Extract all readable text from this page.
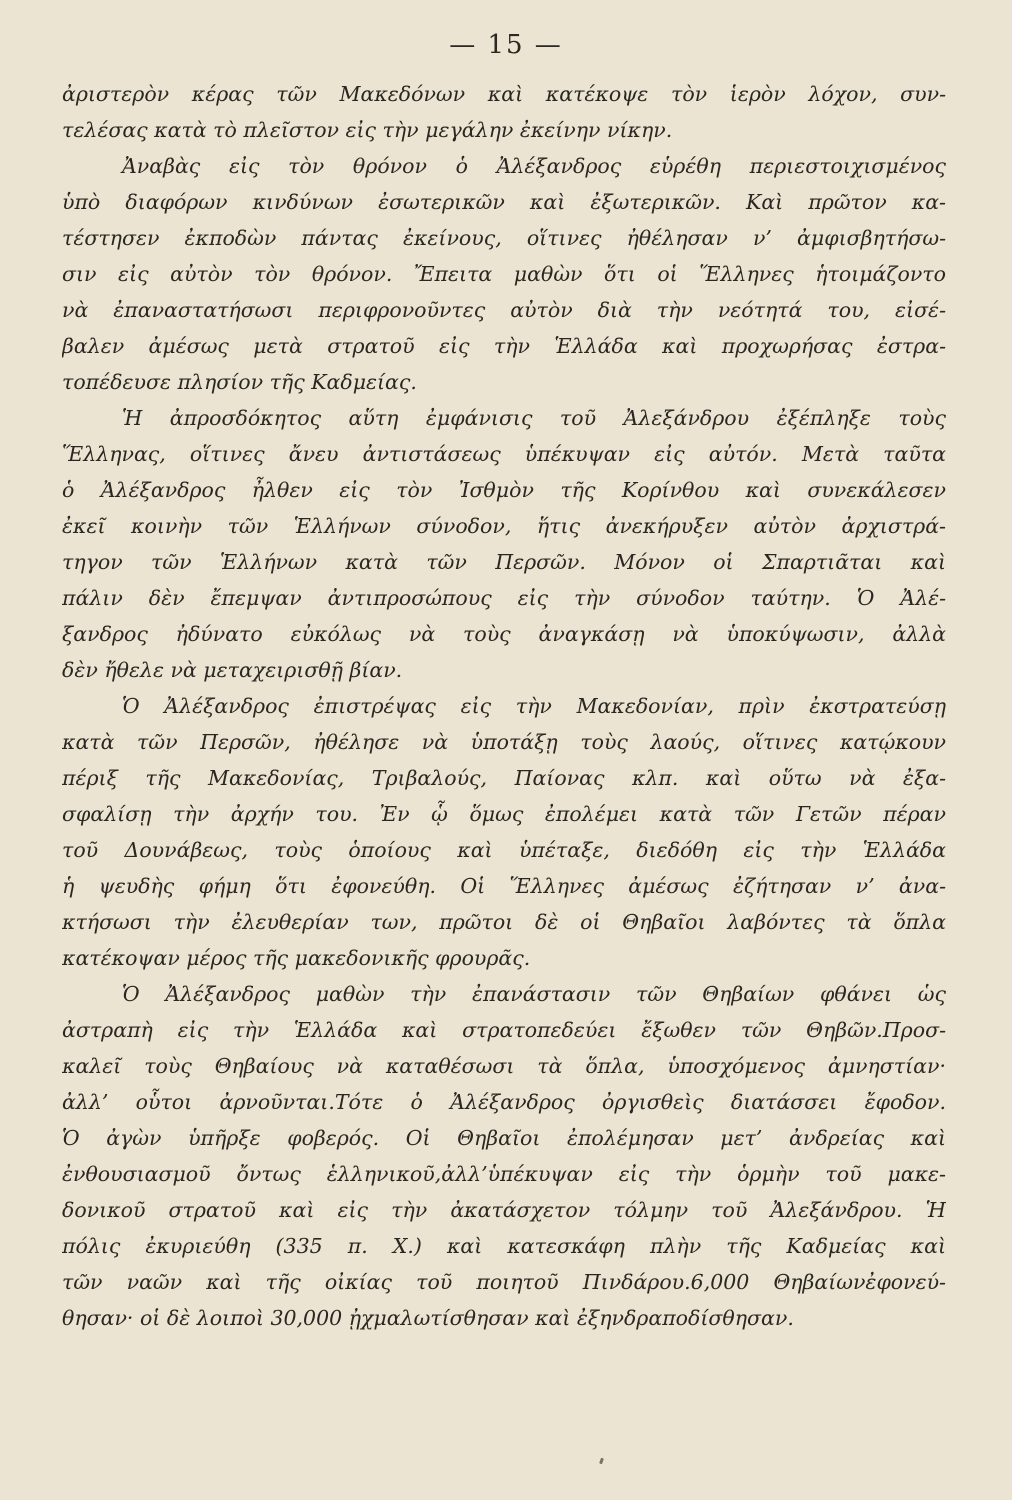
— 15 —
ἀριστερὸν κέρας τῶν Μακεδόνων καὶ κατέκοψε τὸν ἱερὸν λόχον, συν-
τελέσας κατὰ τὸ πλεῖστον εἰς τὴν μεγάλην ἐκείνην νίκην.
Ἀναβὰς εἰς τὸν θρόνον ὁ Ἀλέξανδρος εὑρέθη περιεστοιχισμένος
ὑπὸ διαφόρων κινδύνων ἐσωτερικῶν καὶ ἐξωτερικῶν. Καὶ πρῶτον κα-
τέστησεν ἐκποδὼν πάντας ἐκείνους, οἵτινες ἠθέλησαν ν’ ἀμφισβητήσω-
σιν εἰς αὐτὸν τὸν θρόνον. Ἔπειτα μαθὼν ὅτι οἱ Ἕλληνες ἡτοιμάζοντο
νὰ ἐπαναστατήσωσι περιφρονοῦντες αὐτὸν διὰ τὴν νεότητά του, εἰσέ-
βαλεν ἀμέσως μετὰ στρατοῦ εἰς τὴν Ἑλλάδα καὶ προχωρήσας ἐστρα-
τοπέδευσε πλησίον τῆς Καδμείας.
Ἡ ἀπροσδόκητος αὕτη ἐμφάνισις τοῦ Ἀλεξάνδρου ἐξέπληξε τοὺς
Ἕλληνας, οἵτινες ἄνευ ἀντιστάσεως ὑπέκυψαν εἰς αὐτόν. Μετὰ ταῦτα
ὁ Ἀλέξανδρος ἦλθεν εἰς τὸν Ἰσθμὸν τῆς Κορίνθου καὶ συνεκάλεσεν
ἐκεῖ κοινὴν τῶν Ἑλλήνων σύνοδον, ἥτις ἀνεκήρυξεν αὐτὸν ἀρχιστρά-
τηγον τῶν Ἑλλήνων κατὰ τῶν Περσῶν. Μόνον οἱ Σπαρτιᾶται καὶ
πάλιν δὲν ἔπεμψαν ἀντιπροσώπους εἰς τὴν σύνοδον ταύτην. Ὁ Ἀλέ-
ξανδρος ἠδύνατο εὐκόλως νὰ τοὺς ἀναγκάσῃ νὰ ὑποκύψωσιν, ἀλλὰ
δὲν ἤθελε νὰ μεταχειρισθῇ βίαν.
Ὁ Ἀλέξανδρος ἐπιστρέψας εἰς τὴν Μακεδονίαν, πρὶν ἐκστρατεύσῃ
κατὰ τῶν Περσῶν, ἠθέλησε νὰ ὑποτάξῃ τοὺς λαούς, οἵτινες κατῴκουν
πέριξ τῆς Μακεδονίας, Τριβαλούς, Παίονας κλπ. καὶ οὕτω νὰ ἐξα-
σφαλίσῃ τὴν ἀρχήν του. Ἐν ᾧ ὅμως ἐπολέμει κατὰ τῶν Γετῶν πέραν
τοῦ Δουνάβεως, τοὺς ὁποίους καὶ ὑπέταξε, διεδόθη εἰς τὴν Ἑλλάδα
ἡ ψευδὴς φήμη ὅτι ἐφονεύθη. Οἱ Ἕλληνες ἀμέσως ἐζήτησαν ν’ ἀνα-
κτήσωσι τὴν ἐλευθερίαν των, πρῶτοι δὲ οἱ Θηβαῖοι λαβόντες τὰ ὅπλα
κατέκοψαν μέρος τῆς μακεδονικῆς φρουρᾶς.
Ὁ Ἀλέξανδρος μαθὼν τὴν ἐπανάστασιν τῶν Θηβαίων φθάνει ὡς
ἀστραπὴ εἰς τὴν Ἑλλάδα καὶ στρατοπεδεύει ἔξωθεν τῶν Θηβῶν.Προσ-
καλεῖ τοὺς Θηβαίους νὰ καταθέσωσι τὰ ὅπλα, ὑποσχόμενος ἀμνηστίαν·
ἀλλ’ οὗτοι ἀρνοῦνται.Τότε ὁ Ἀλέξανδρος ὀργισθεὶς διατάσσει ἔφοδον.
Ὁ ἀγὼν ὑπῆρξε φοβερός. Οἱ Θηβαῖοι ἐπολέμησαν μετ’ ἀνδρείας καὶ
ἐνθουσιασμοῦ ὄντως ἑλληνικοῦ,ἀλλ’ὑπέκυψαν εἰς τὴν ὁρμὴν τοῦ μακε-
δονικοῦ στρατοῦ καὶ εἰς τὴν ἀκατάσχετον τόλμην τοῦ Ἀλεξάνδρου. Ἡ
πόλις ἐκυριεύθη (335 π. Χ.) καὶ κατεσκάφη πλὴν τῆς Καδμείας καὶ
τῶν ναῶν καὶ τῆς οἰκίας τοῦ ποιητοῦ Πινδάρου.6,000 Θηβαίωνἐφονεύ-
θησαν· οἱ δὲ λοιποὶ 30,000 ᾐχμαλωτίσθησαν καὶ ἐξηνδραποδίσθησαν.
